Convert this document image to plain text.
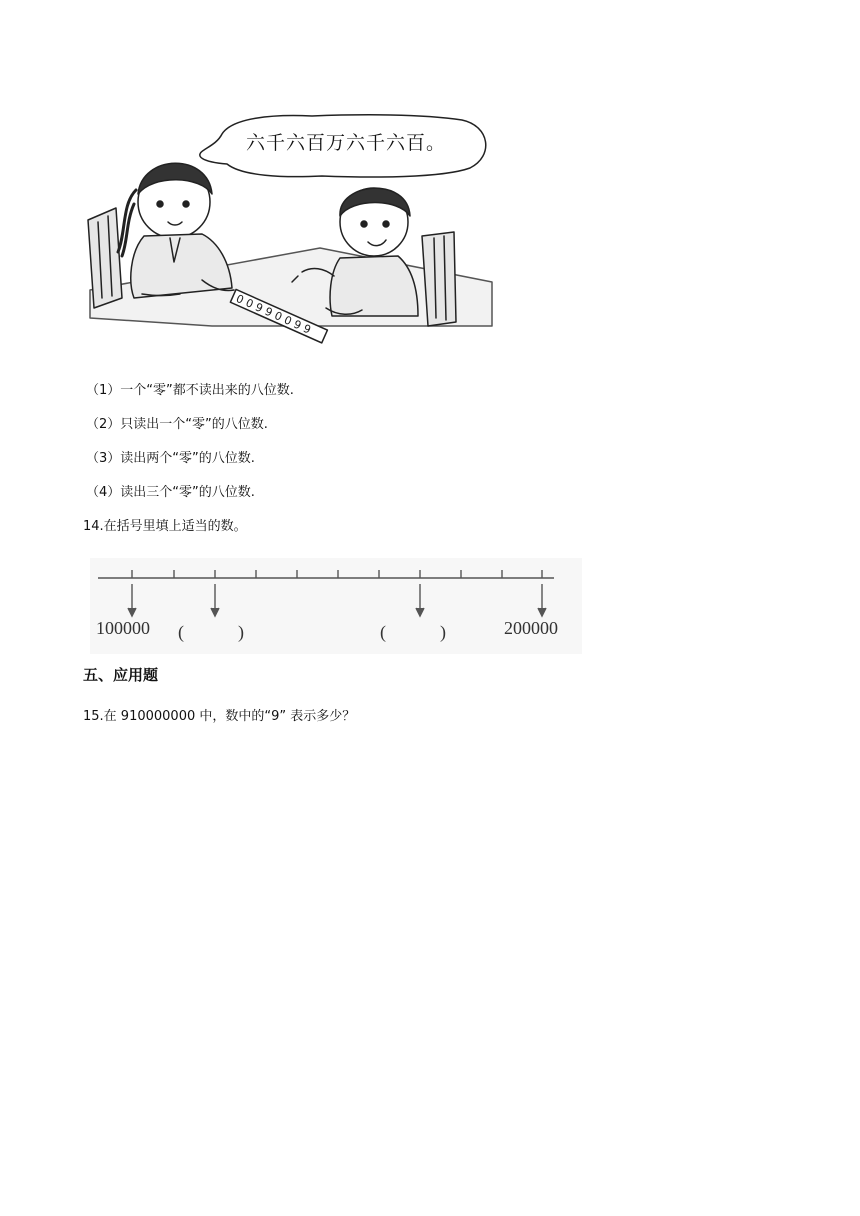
0 0 9 9 0 0 9 9
六千六百万六千六百。
（1）一个“零”都不读出来的八位数.
（2）只读出一个“零”的八位数.
（3）读出两个“零”的八位数.
（4）读出三个“零”的八位数.
14.在括号里填上适当的数。
100000 (　　　)	(　　　)	200000
五、应用题
15.在 910000000 中，数中的“9” 表示多少？
